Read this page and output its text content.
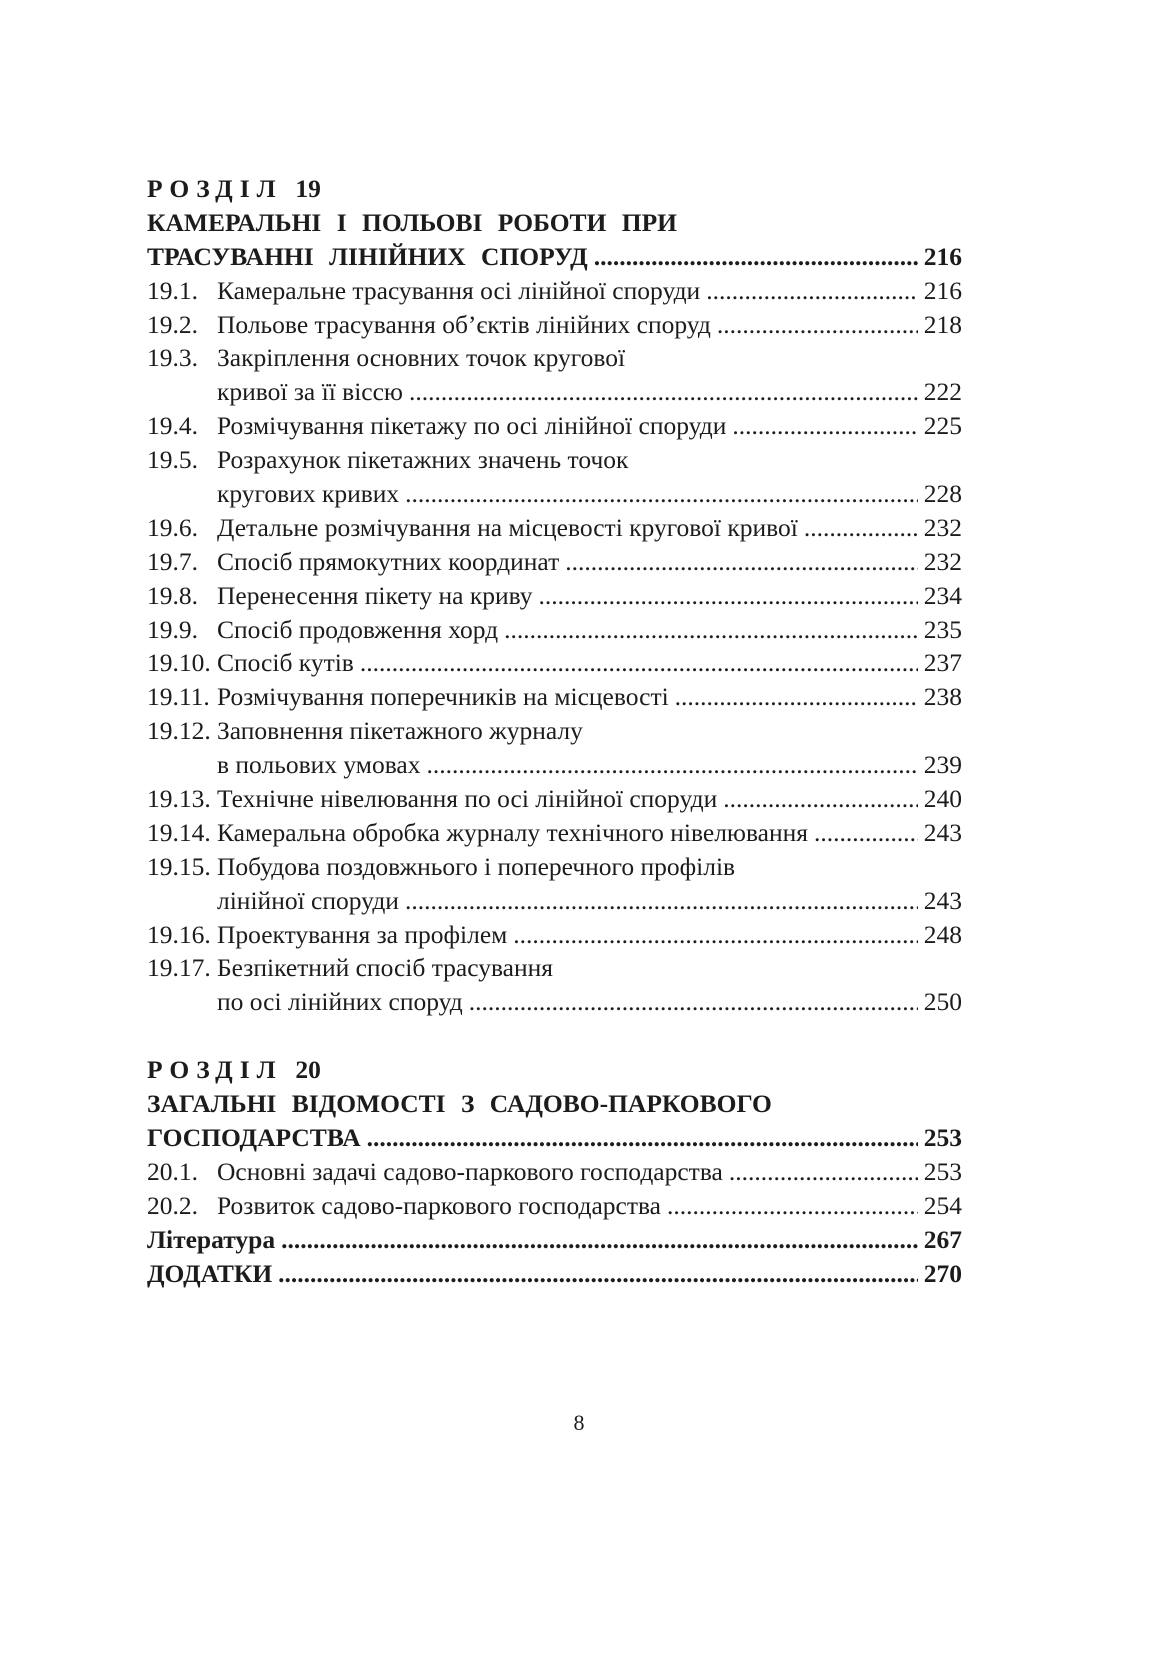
РОЗДІЛ
19
КАМЕРАЛЬНІ І ПОЛЬОВІ РОБОТИ ПРИ
ТРАСУВАННІ ЛІНІЙНИХ СПОРУД .....	216
19.1. Камеральне трасування осі лінійної споруди .....	216
19.2. Польове трасування об’єктів лінійних споруд .....	218
19.3. Закріплення основних точок кругової
кривої за її віссю .....	222
19.4. Розмічування пікетажу по осі лінійної споруди .....	225
19.5. Розрахунок пікетажних значень точок
кругових кривих .....	228
19.6. Детальне розмічування на місцевості кругової кривої .....	232
19.7. Спосіб прямокутних координат .....	232
19.8. Перенесення пікету на криву .....	234
19.9. Спосіб продовження хорд .....	235
19.10. Спосіб кутів .....	237
19.11. Розмічування поперечників на місцевості .....	238
19.12. Заповнення пікетажного журналу
в польових умовах .....	239
19.13. Технічне нівелювання по осі лінійної споруди .....	240
19.14. Камеральна обробка журналу технічного нівелювання .....	243
19.15. Побудова поздовжнього і поперечного профілів
лінійної споруди .....	243
19.16. Проектування за профілем .....	248
19.17. Безпікетний спосіб трасування
по осі лінійних споруд .....	250
РОЗДІЛ
20
ЗАГАЛЬНІ ВІДОМОСТІ З САДОВО-ПАРКОВОГО
ГОСПОДАРСТВА .....	253
20.1. Основні задачі садово-паркового господарства .....	253
20.2. Розвиток садово-паркового господарства .....	254
Література .....	267
ДОДАТКИ .....	270
8
